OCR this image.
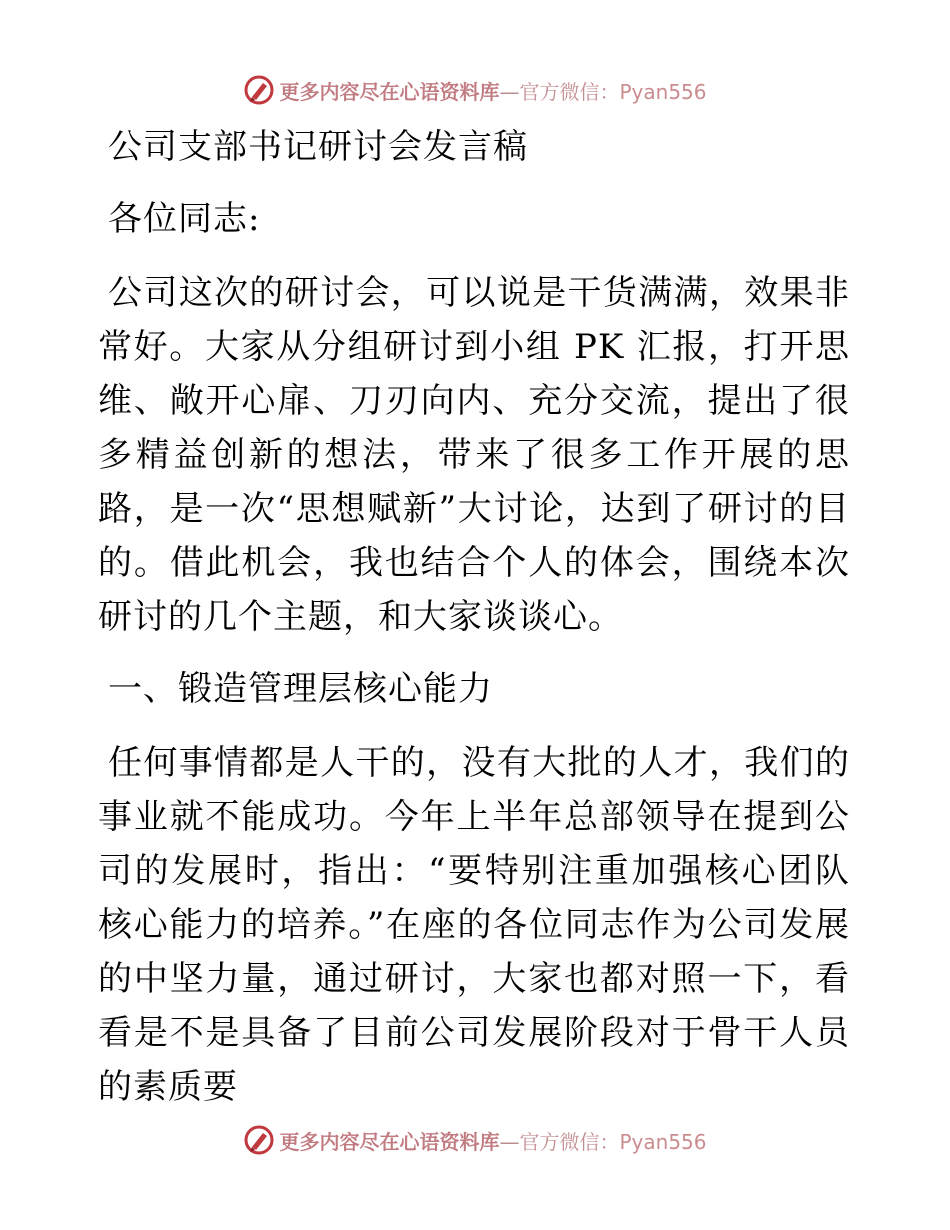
更多内容尽在心语资料库—官方微信：Pyan556
公司支部书记研讨会发言稿
各位同志:
公司这次的研讨会，可以说是干货满满，效果非常好。大家从分组研讨到小组 PK 汇报，打开思维、敞开心扉、刀刃向内、充分交流，提出了很多精益创新的想法，带来了很多工作开展的思路，是一次“思想赋新”大讨论，达到了研讨的目的。借此机会，我也结合个人的体会，围绕本次研讨的几个主题，和大家谈谈心。
一、锻造管理层核心能力
任何事情都是人干的，没有大批的人才，我们的事业就不能成功。今年上半年总部领导在提到公司的发展时，指出：“要特别注重加强核心团队核心能力的培养。”在座的各位同志作为公司发展的中坚力量，通过研讨，大家也都对照一下，看看是不是具备了目前公司发展阶段对于骨干人员的素质要
更多内容尽在心语资料库—官方微信：Pyan556
